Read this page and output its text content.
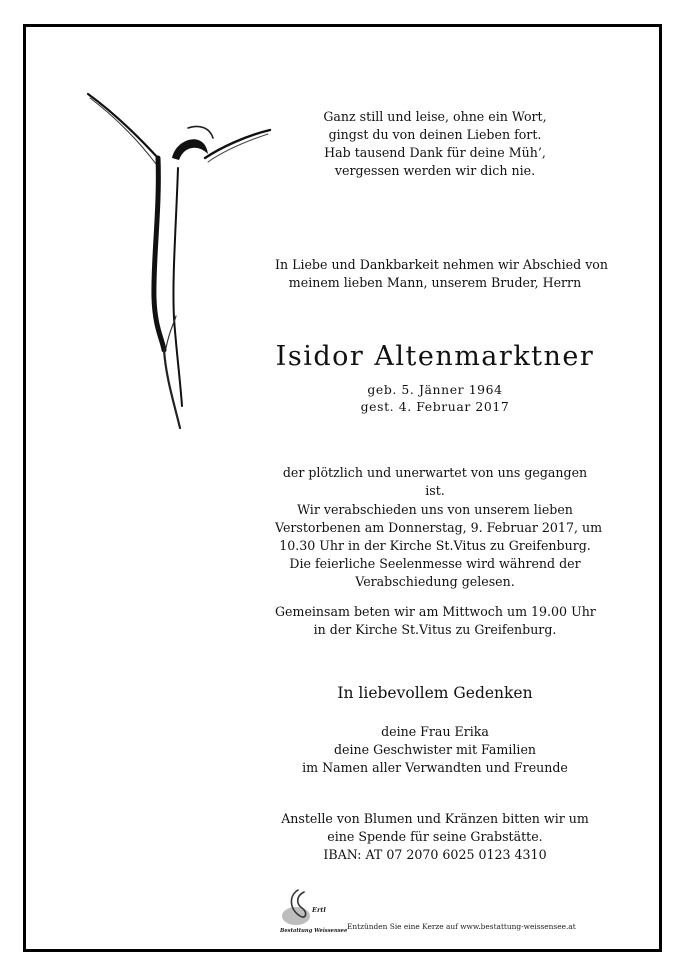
Ganz still und leise, ohne ein Wort,
gingst du von deinen Lieben fort.
Hab tausend Dank für deine Müh’,
vergessen werden wir dich nie.
In Liebe und Dankbarkeit nehmen wir Abschied von
meinem lieben Mann, unserem Bruder, Herrn
Isidor Altenmarktner
geb. 5. Jänner 1964
gest. 4. Februar 2017
der plötzlich und unerwartet von uns gegangen ist.
Wir verabschieden uns von unserem lieben
Verstorbenen am Donnerstag, 9. Februar 2017, um
10.30 Uhr in der Kirche St.Vitus zu Greifenburg.
Die feierliche Seelenmesse wird während der
Verabschiedung gelesen.
Gemeinsam beten wir am Mittwoch um 19.00 Uhr
in der Kirche St.Vitus zu Greifenburg.
In liebevollem Gedenken
deine Frau Erika
deine Geschwister mit Familien
im Namen aller Verwandten und Freunde
Anstelle von Blumen und Kränzen bitten wir um
eine Spende für seine Grabstätte.
IBAN: AT 07 2070 6025 0123 4310
Ertl
Bestattung Weissensee Entzünden Sie eine Kerze auf www.bestattung-weissensee.at
